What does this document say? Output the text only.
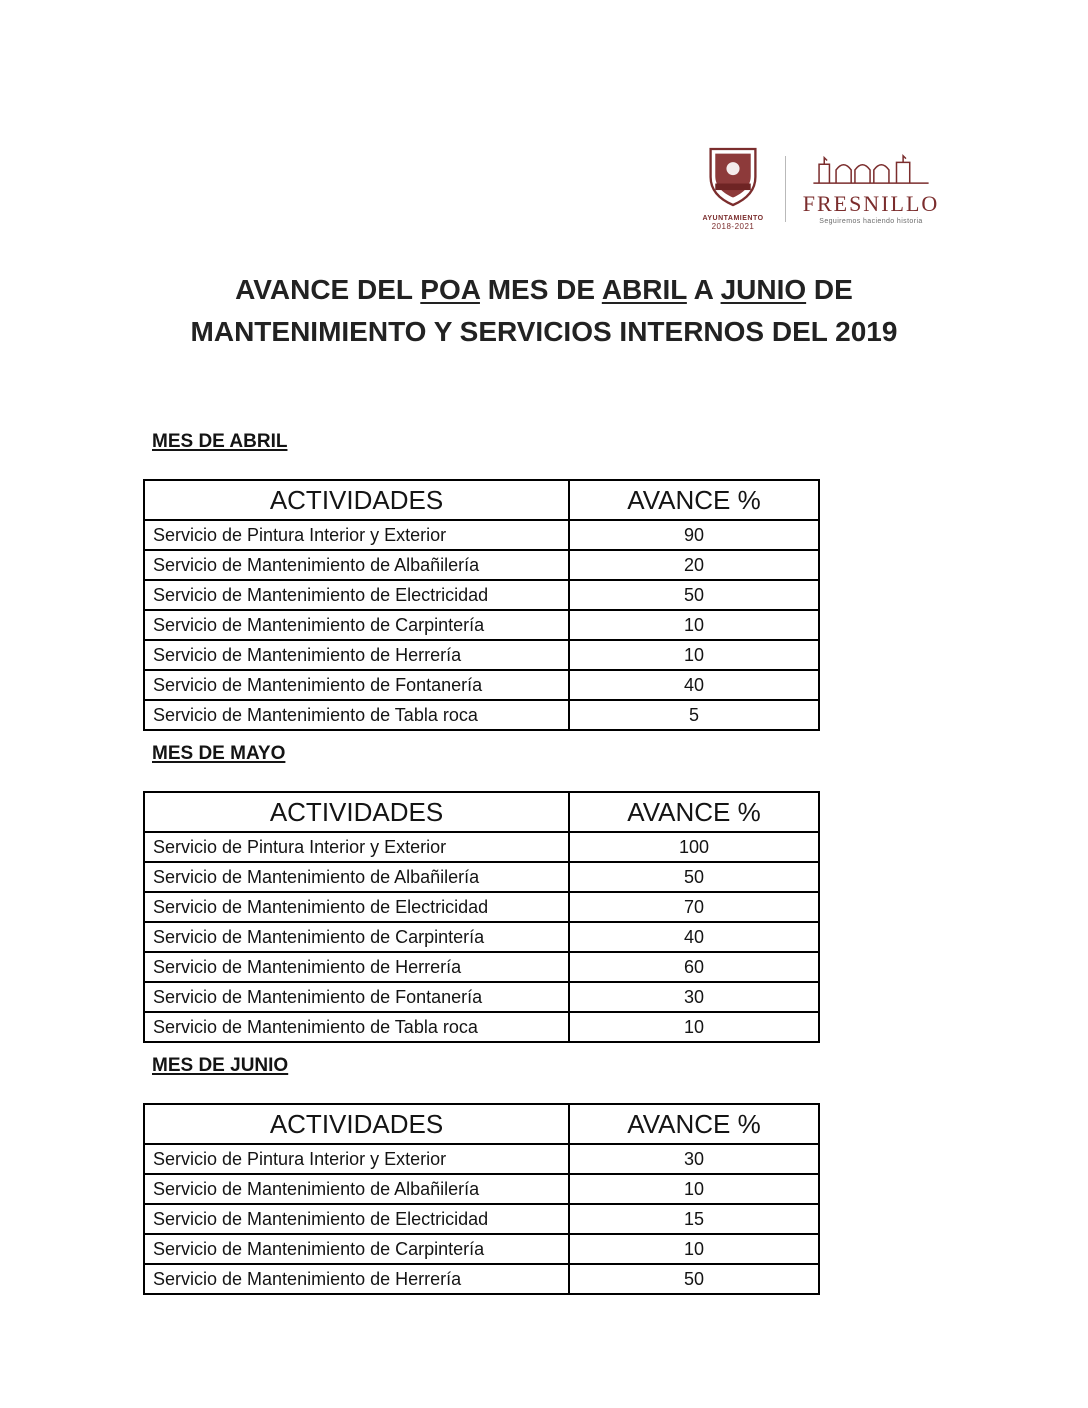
AYUNTAMIENTO
2018-2021
FRESNILLO
Seguiremos haciendo historia
AVANCE DEL POA MES DE ABRIL A JUNIO DE
MANTENIMIENTO Y SERVICIOS INTERNOS DEL 2019
MES DE ABRIL
ACTIVIDADES	AVANCE %
Servicio de Pintura Interior y Exterior	90
Servicio de Mantenimiento de Albañilería	20
Servicio de Mantenimiento de Electricidad	50
Servicio de Mantenimiento de Carpintería	10
Servicio de Mantenimiento de Herrería	10
Servicio de Mantenimiento de Fontanería	40
Servicio de Mantenimiento de Tabla roca	5
MES DE MAYO
ACTIVIDADES	AVANCE %
Servicio de Pintura Interior y Exterior	100
Servicio de Mantenimiento de Albañilería	50
Servicio de Mantenimiento de Electricidad	70
Servicio de Mantenimiento de Carpintería	40
Servicio de Mantenimiento de Herrería	60
Servicio de Mantenimiento de Fontanería	30
Servicio de Mantenimiento de Tabla roca	10
MES DE JUNIO
ACTIVIDADES	AVANCE %
Servicio de Pintura Interior y Exterior	30
Servicio de Mantenimiento de Albañilería	10
Servicio de Mantenimiento de Electricidad	15
Servicio de Mantenimiento de Carpintería	10
Servicio de Mantenimiento de Herrería	50
